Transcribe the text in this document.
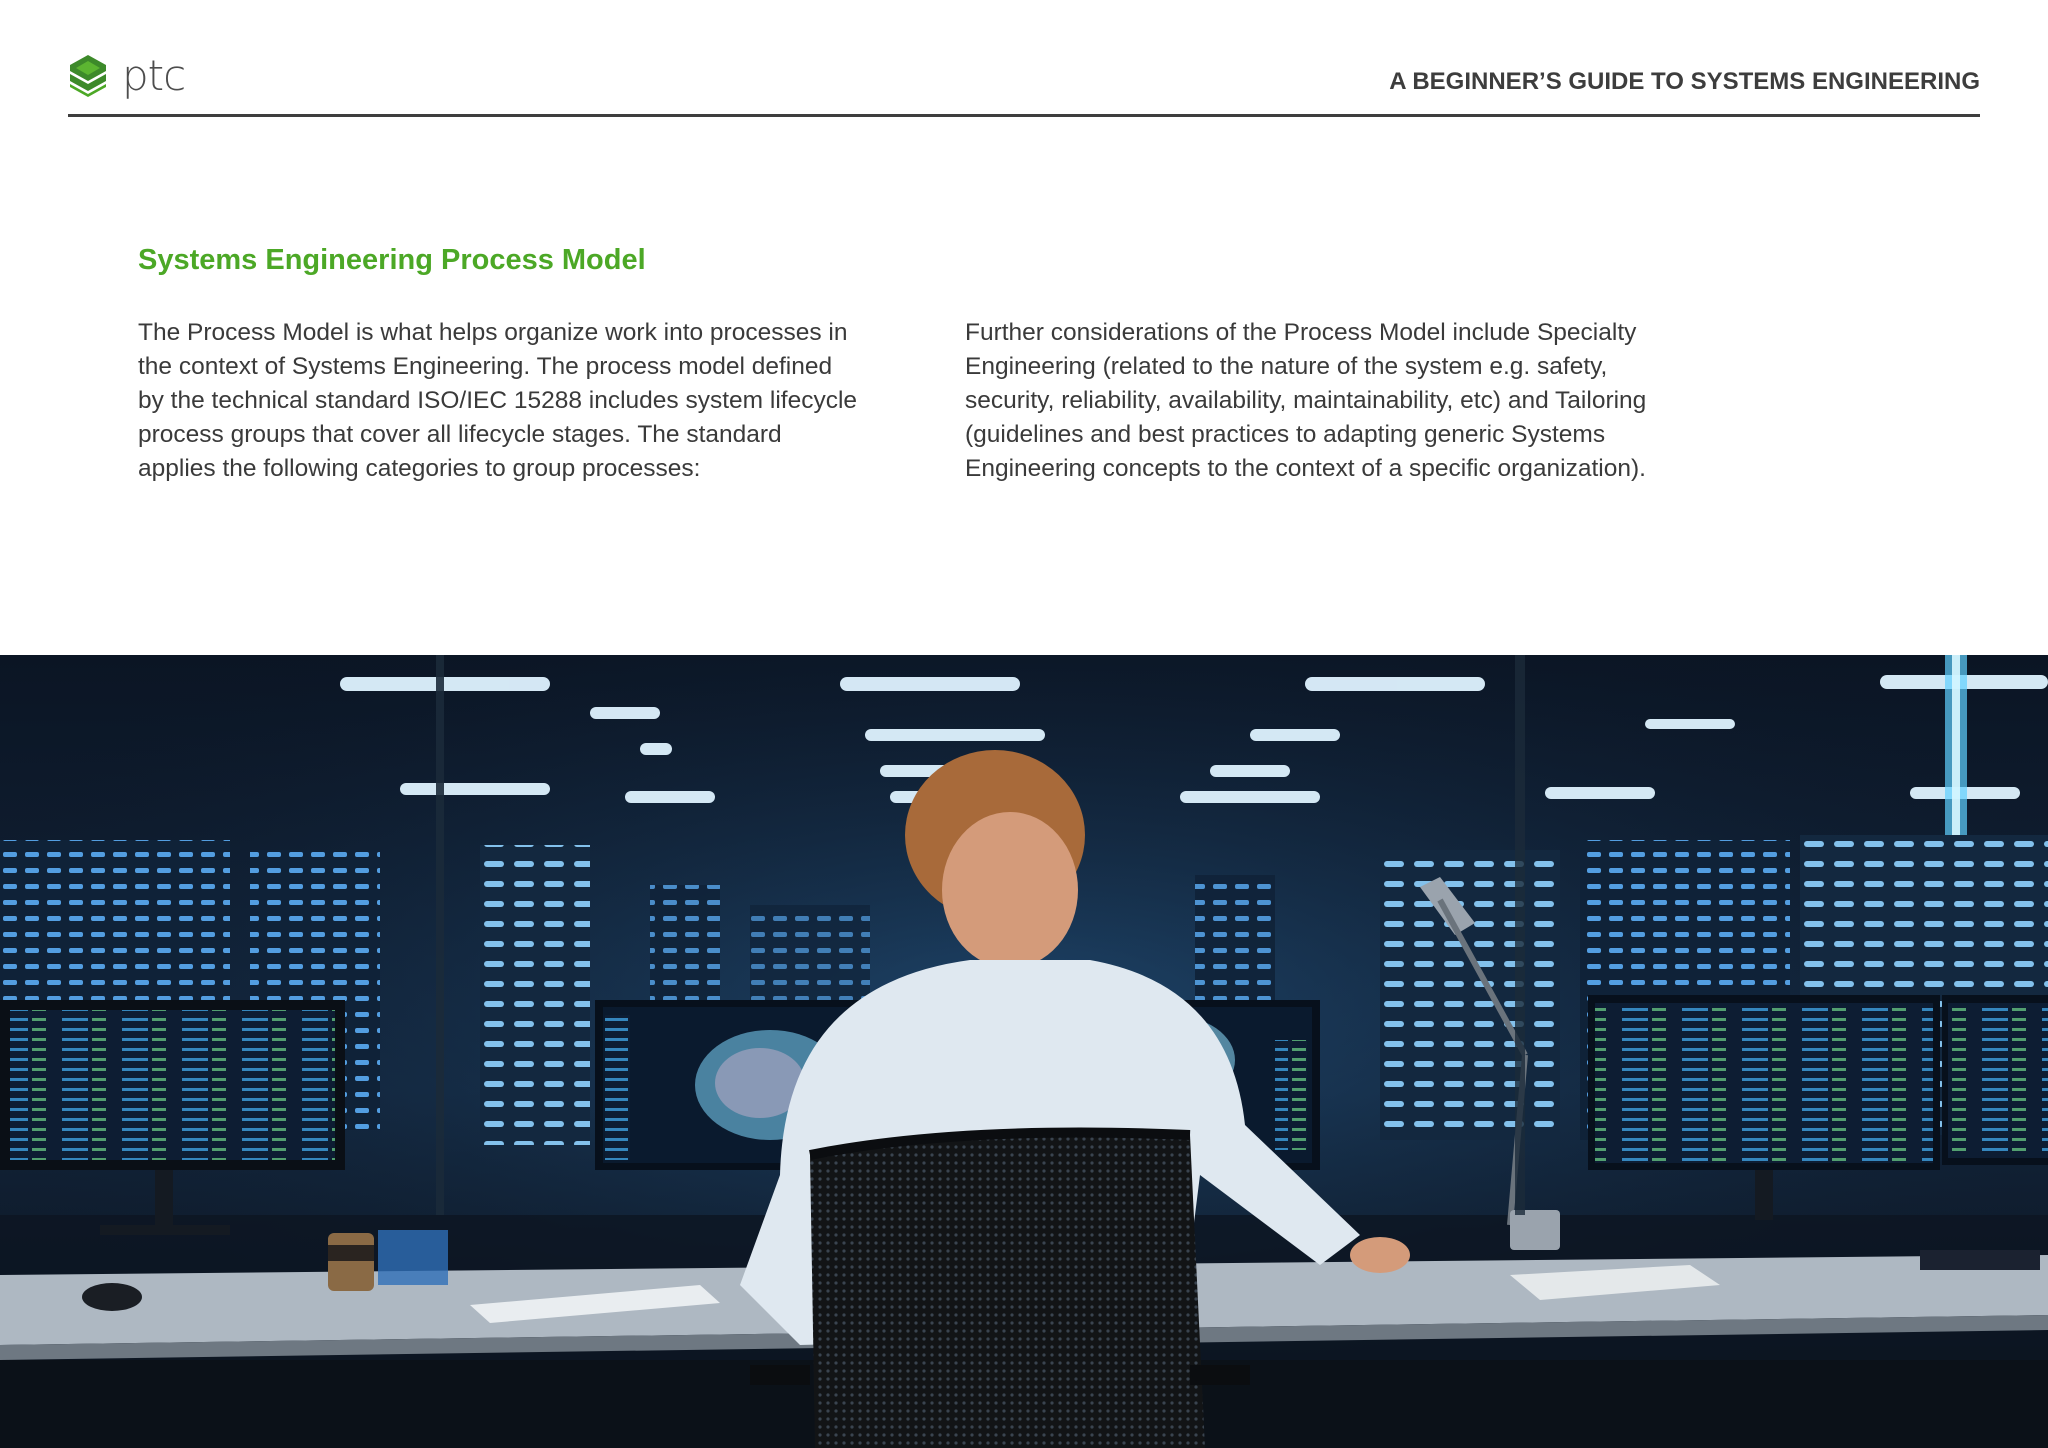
ptc	A BEGINNER’S GUIDE TO SYSTEMS ENGINEERING
Systems Engineering Process Model
The Process Model is what helps organize work into processes in
the context of Systems Engineering. The process model defined
by the technical standard ISO/IEC 15288 includes system lifecycle
process groups that cover all lifecycle stages. The standard
applies the following categories to group processes:
Further considerations of the Process Model include Specialty
Engineering (related to the nature of the system e.g. safety,
security, reliability, availability, maintainability, etc) and Tailoring
(guidelines and best practices to adapting generic Systems
Engineering concepts to the context of a specific organization).
